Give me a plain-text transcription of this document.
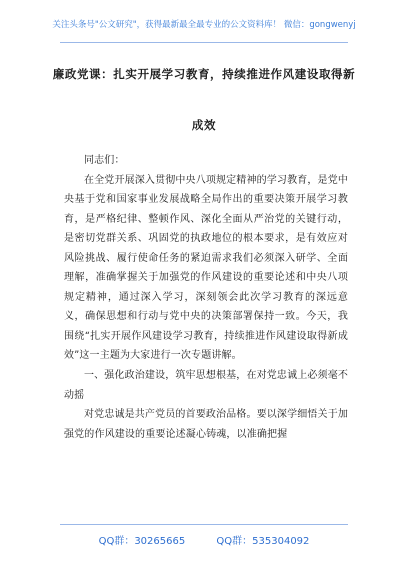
关注头条号"公文研究"，获得最新最全最专业的公文资料库！ 微信：gongwenyj
廉政党课：扎实开展学习教育，持续推进作风建设取得新
成效

同志们：

在全党开展深入贯彻中央八项规定精神的学习教育，是党中央基于党和国家事业发展战略全局作出的重要决策开展学习教育，是严格纪律、整顿作风、深化全面从严治党的关键行动，是密切党群关系、巩固党的执政地位的根本要求，是有效应对风险挑战、履行使命任务的紧迫需求我们必须深入研学、全面理解，准确掌握关于加强党的作风建设的重要论述和中央八项规定精神，通过深入学习，深刻领会此次学习教育的深远意义，确保思想和行动与党中央的决策部署保持一致。今天，我围绕“扎实开展作风建设学习教育，持续推进作风建设取得新成效”这一主题为大家进行一次专题讲解。

一、强化政治建设，筑牢思想根基，在对党忠诚上必须毫不动摇

对党忠诚是共产党员的首要政治品格。要以深学细悟关于加强党的作风建设的重要论述凝心铸魂，以准确把握

QQ群：30265665	QQ群：535304092
